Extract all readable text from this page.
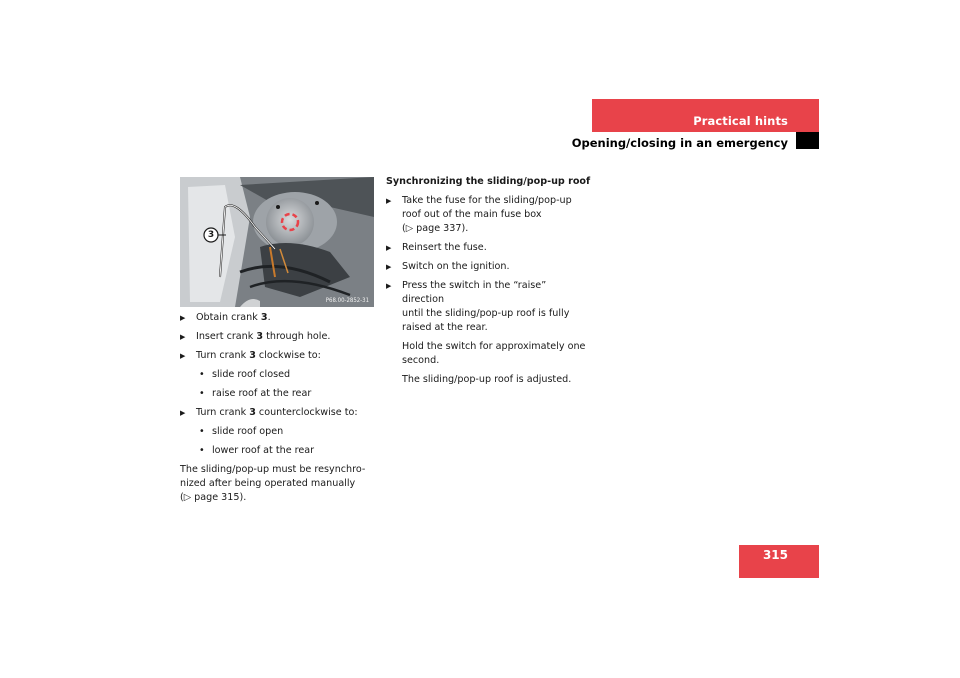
Practical hints
Opening/closing in an emergency
3
P68.00-2852-31
▶ Obtain crank 3.
▶ Insert crank 3 through hole.
▶ Turn crank 3 clockwise to:
• slide roof closed
• raise roof at the rear
▶ Turn crank 3 counterclockwise to:
• slide roof open
• lower roof at the rear
The sliding/pop-up must be resynchro-
nized after being operated manually
(▷ page 315).
Synchronizing the sliding/pop-up roof
▶ Take the fuse for the sliding/pop-up
roof out of the main fuse box
(▷ page 337).
▶ Reinsert the fuse.
▶ Switch on the ignition.
▶ Press the switch in the “raise” direction
until the sliding/pop-up roof is fully
raised at the rear.
Hold the switch for approximately one
second.
The sliding/pop-up roof is adjusted.
315
